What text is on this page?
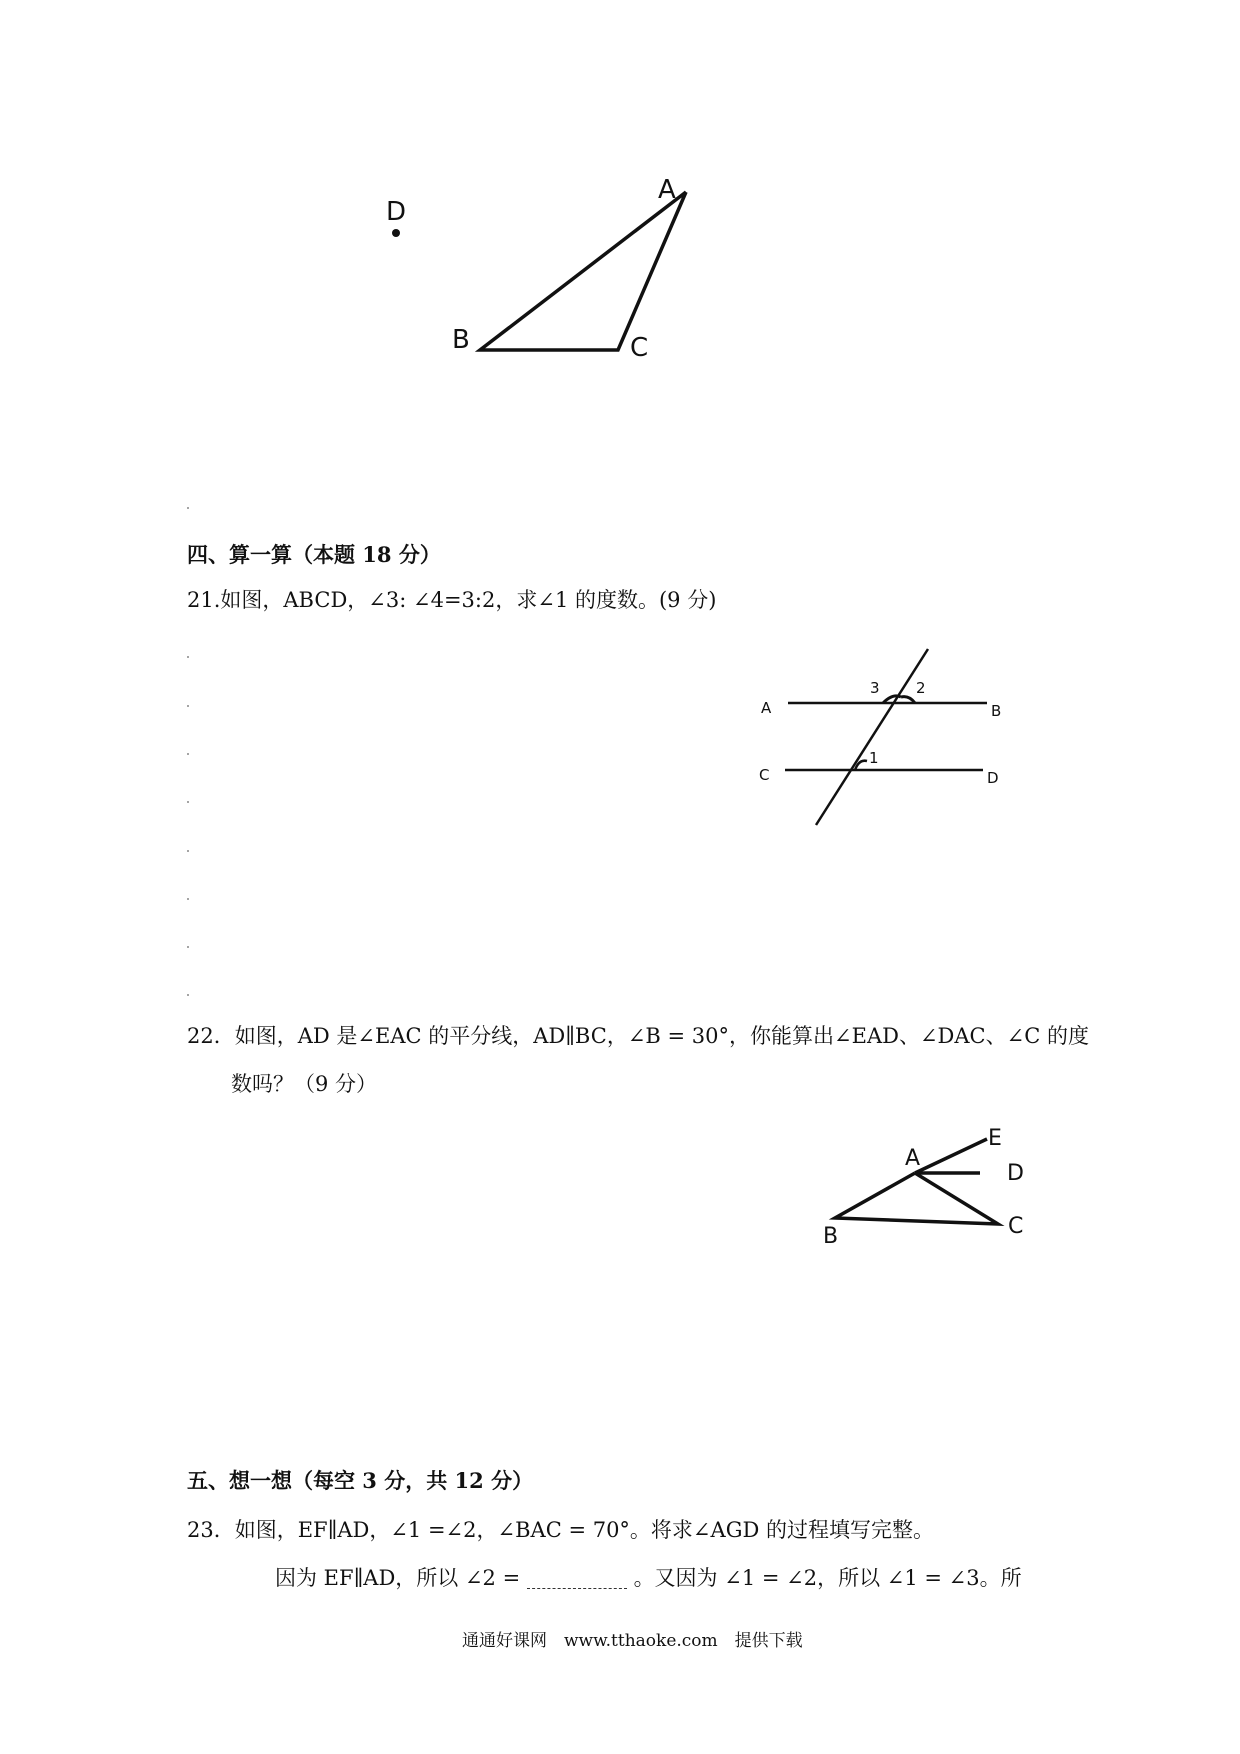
D
A
B	C
四、算一算（本题 18 分）
21.如图，ABCD，∠3: ∠4=3:2，求∠1 的度数。(9 分)
A	B
C	D
3 2
1
22．如图，AD 是∠EAC 的平分线，AD∥BC，∠B = 30°，你能算出∠EAD、∠DAC、∠C 的度
数吗？（9 分）
E
A
D
B	C
五、想一想（每空 3 分，共 12 分）
23．如图，EF∥AD，∠1 =∠2，∠BAC = 70°。将求∠AGD 的过程填写完整。
因为 EF∥AD，所以 ∠2 =	。又因为 ∠1 = ∠2，所以 ∠1 = ∠3。所
通通好课网　www.tthaoke.com　提供下载
